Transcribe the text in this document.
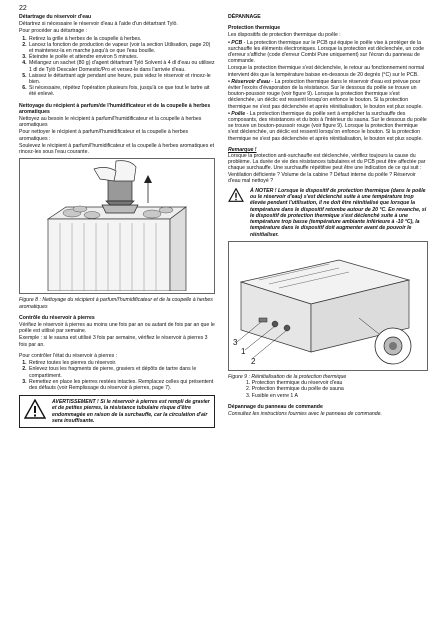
22
Détartrage du réservoir d'eau
Détartrez si nécessaire le réservoir d'eau à l'aide d'un détartrant Tylö.
Pour procéder au détartrage :
1. Retirez la grille à herbes de la coupelle à herbes.
2. Lancez la fonction de production de vapeur (voir la section Utilisation, page 20) et maintenez-la en marche jusqu'à ce que l'eau bouille.
3. Éteindre le poêle et attendre environ 5 minutes.
4. Mélangez un sachet (80 g) d'agent détartrant Tylö Solvent à 4 dl d'eau ou utilisez 1 dl de Tylö Descaler Domestic/Pro et versez-le dans l'arrivée d'eau.
5. Laissez le détartrant agir pendant une heure, puis videz le réservoir et rincez-le bien.
6. Si nécessaire, répétez l'opération plusieurs fois, jusqu'à ce que tout le tartre ait été enlevé.
Nettoyage du récipient à parfum/de l'humidificateur et de la coupelle à herbes aromatiques
Nettoyez au besoin le récipient à parfum/l'humidificateur et la coupelle à herbes aromatiques
Pour nettoyer le récipient à parfum/l'humidificateur et la coupelle à herbes aromatiques :
Soulevez le récipient à parfum/l'humidificateur et la coupelle à herbes aromatiques et rincez-les sous l'eau courante.
Figure 8 : Nettoyage du récipient à parfum/l'humidificateur et de la coupelle à herbes aromatiques
Contrôle du réservoir à pierres
Vérifiez le réservoir à pierres au moins une fois par an ou autant de fois par an que le poêle est utilisé par semaine.
Exemple : si le sauna est utilisé 3 fois par semaine, vérifiez le réservoir à pierres 3 fois par an.
Pour contrôler l'état du réservoir à pierres :
1. Retirez toutes les pierres du réservoir.
2. Enlevez tous les fragments de pierre, graviers et dépôts de tartre dans le compartiment.
3. Remettez en place les pierres restées intactes. Remplacez celles qui présentent des défauts (voir Remplissage du réservoir à pierres, page 7).
AVERTISSEMENT ! Si le réservoir à pierres est rempli de gravier et de petites pierres, la résistance tubulaire risque d'être endommagée en raison de la surchauffe, car la circulation d'air sera insuffisante.
DÉPANNAGE
Protection thermique
Les dispositifs de protection thermique du poêle :
• PCB - La protection thermique sur le PCB qui équipe le poêle vise à protéger de la surchauffe les éléments électroniques. Lorsque la protection est déclenchée, un code d'erreur s'affiche (code d'erreur Combi Pure uniquement) sur l'écran du panneau de commande.
Lorsque la protection thermique s'est déclenchée, le retour au fonctionnement normal intervient dès que la température baisse en-dessous de 20 degrés (°C) sur le PCB.
• Réservoir d'eau - La protection thermique dans le réservoir d'eau est prévue pour éviter l'excès d'évaporation de la résistance. Sur le dessous du poêle se trouve un bouton-poussoir rouge (voir figure 9). Lorsque la protection thermique s'est déclenchée, un déclic est ressenti lorsqu'on enfonce le bouton. Si la protection thermique ne s'est pas déclenchée et après réinitialisation, le bouton est plus souple.
• Poêle - La protection thermique du poêle sert à empêcher la surchauffe des composants, des résistances et du bois à l'intérieur du sauna. Sur le dessous du poêle se trouve un bouton-poussoir rouge (voir figure 9). Lorsque la protection thermique s'est déclenchée, un déclic est ressenti lorsqu'on enfonce le bouton. Si la protection thermique ne s'est pas déclenchée et après réinitialisation, le bouton est plus souple.
Remarque !
Lorsque la protection anti-surchauffe est déclenchée, vérifiez toujours la cause du problème. La durée de vie des résistances tubulaires et du PCB peut être affectée par chaque surchauffe. Une surchauffe répétitive peut être une indication de ce qui suit : Ventilation déficiente ? Volume de la cabine ? Défaut interne du poêle ? Réservoir d'eau mal nettoyé ?
À NOTER ! Lorsque le dispositif de protection thermique (dans le poêle ou le réservoir d'eau) s'est déclenché suite à une température trop élevée pendant l'utilisation, il ne doit être réinitialisé que lorsque la température dans le dispositif retombe autour de 20 °C. En revanche, si le dispositif de protection thermique s'est déclenché suite à une température trop basse (température ambiante inférieure à -10 °C), la température dans le dispositif doit augmenter avant de pouvoir le réinitialiser.
3
1
2
Figure 9 : Réinitialisation de la protection thermique
1. Protection thermique du réservoir d'eau
2. Protection thermique du poêle de sauna
3. Fusible en verre 1 A
Dépannage du panneau de commande
Consultez les instructions fournies avec le panneau de commande.
